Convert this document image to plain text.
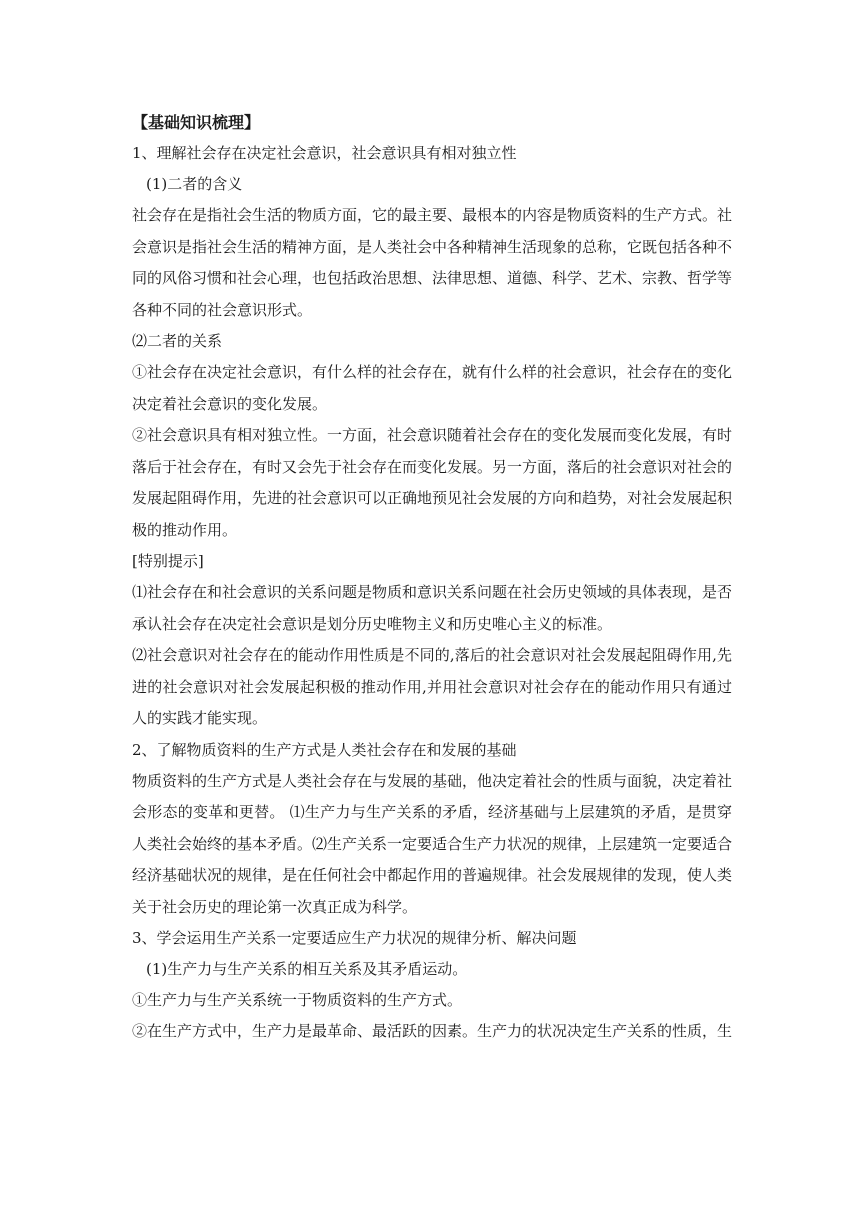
【基础知识梳理】
1、理解社会存在决定社会意识，社会意识具有相对独立性
(1)二者的含义
社会存在是指社会生活的物质方面，它的最主要、最根本的内容是物质资料的生产方式。社会意识是指社会生活的精神方面，是人类社会中各种精神生活现象的总称，它既包括各种不同的风俗习惯和社会心理，也包括政治思想、法律思想、道德、科学、艺术、宗教、哲学等各种不同的社会意识形式。
⑵二者的关系
①社会存在决定社会意识，有什么样的社会存在，就有什么样的社会意识，社会存在的变化决定着社会意识的变化发展。
②社会意识具有相对独立性。一方面，社会意识随着社会存在的变化发展而变化发展，有时落后于社会存在，有时又会先于社会存在而变化发展。另一方面，落后的社会意识对社会的发展起阻碍作用，先进的社会意识可以正确地预见社会发展的方向和趋势，对社会发展起积极的推动作用。
[特别提示]
⑴社会存在和社会意识的关系问题是物质和意识关系问题在社会历史领域的具体表现，是否承认社会存在决定社会意识是划分历史唯物主义和历史唯心主义的标准。
⑵社会意识对社会存在的能动作用性质是不同的,落后的社会意识对社会发展起阻碍作用,先进的社会意识对社会发展起积极的推动作用,并用社会意识对社会存在的能动作用只有通过人的实践才能实现。
2、了解物质资料的生产方式是人类社会存在和发展的基础
物质资料的生产方式是人类社会存在与发展的基础，他决定着社会的性质与面貌，决定着社会形态的变革和更替。 ⑴生产力与生产关系的矛盾，经济基础与上层建筑的矛盾，是贯穿人类社会始终的基本矛盾。⑵生产关系一定要适合生产力状况的规律，上层建筑一定要适合经济基础状况的规律，是在任何社会中都起作用的普遍规律。社会发展规律的发现，使人类关于社会历史的理论第一次真正成为科学。
3、学会运用生产关系一定要适应生产力状况的规律分析、解决问题
(1)生产力与生产关系的相互关系及其矛盾运动。
①生产力与生产关系统一于物质资料的生产方式。
②在生产方式中，生产力是最革命、最活跃的因素。生产力的状况决定生产关系的性质，生
